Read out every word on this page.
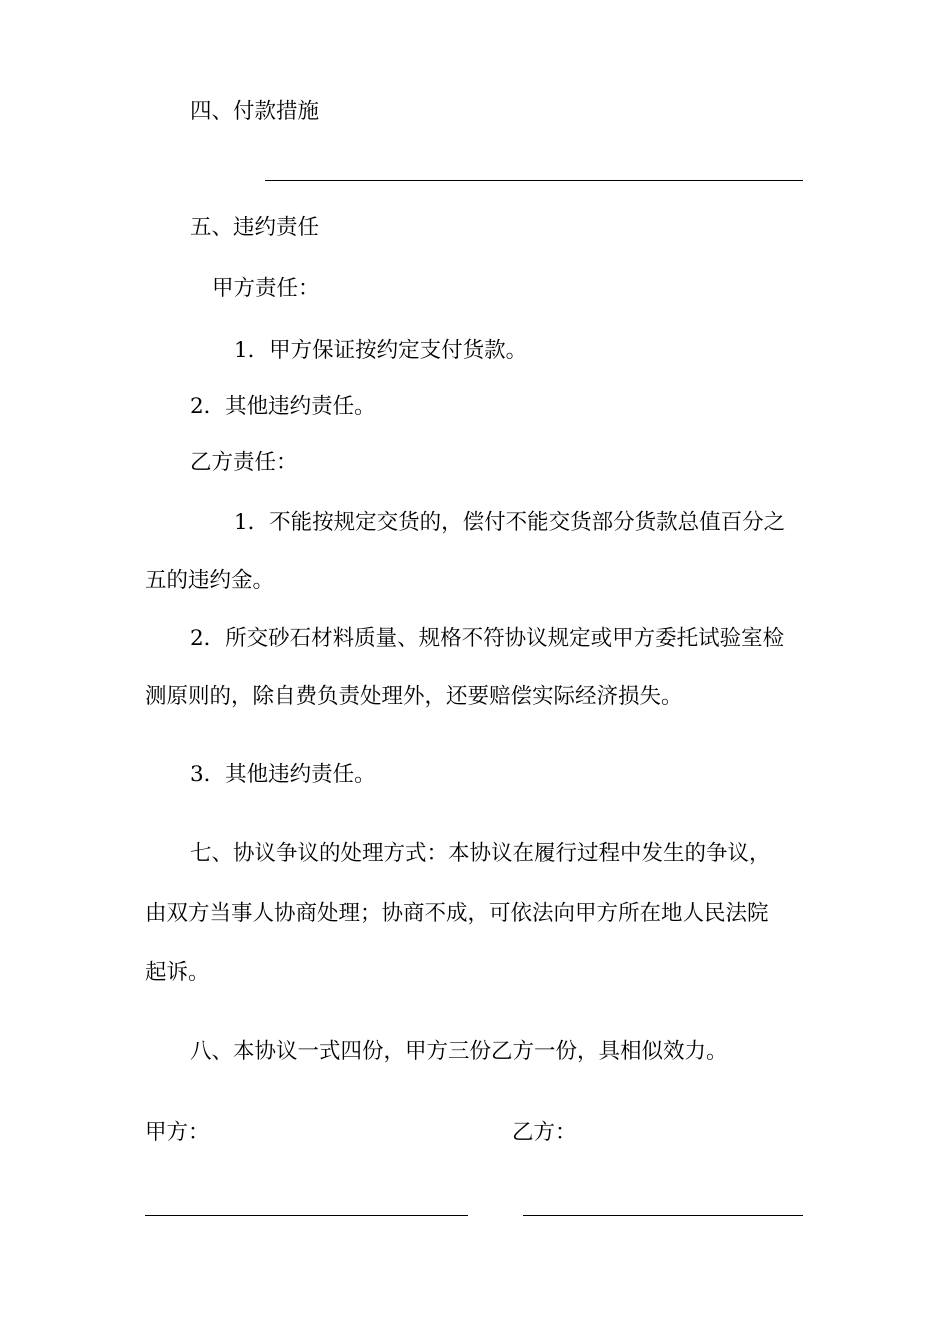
四、付款措施
五、违约责任
甲方责任：
1．甲方保证按约定支付货款。
2．其他违约责任。
乙方责任：
1．不能按规定交货的，偿付不能交货部分货款总值百分之
五的违约金。
2．所交砂石材料质量、规格不符协议规定或甲方委托试验室检
测原则的，除自费负责处理外，还要赔偿实际经济损失。
3．其他违约责任。
七、协议争议的处理方式：本协议在履行过程中发生的争议，
由双方当事人协商处理；协商不成，可依法向甲方所在地人民法院
起诉。
八、本协议一式四份，甲方三份乙方一份，具相似效力。
甲方：	乙方：
